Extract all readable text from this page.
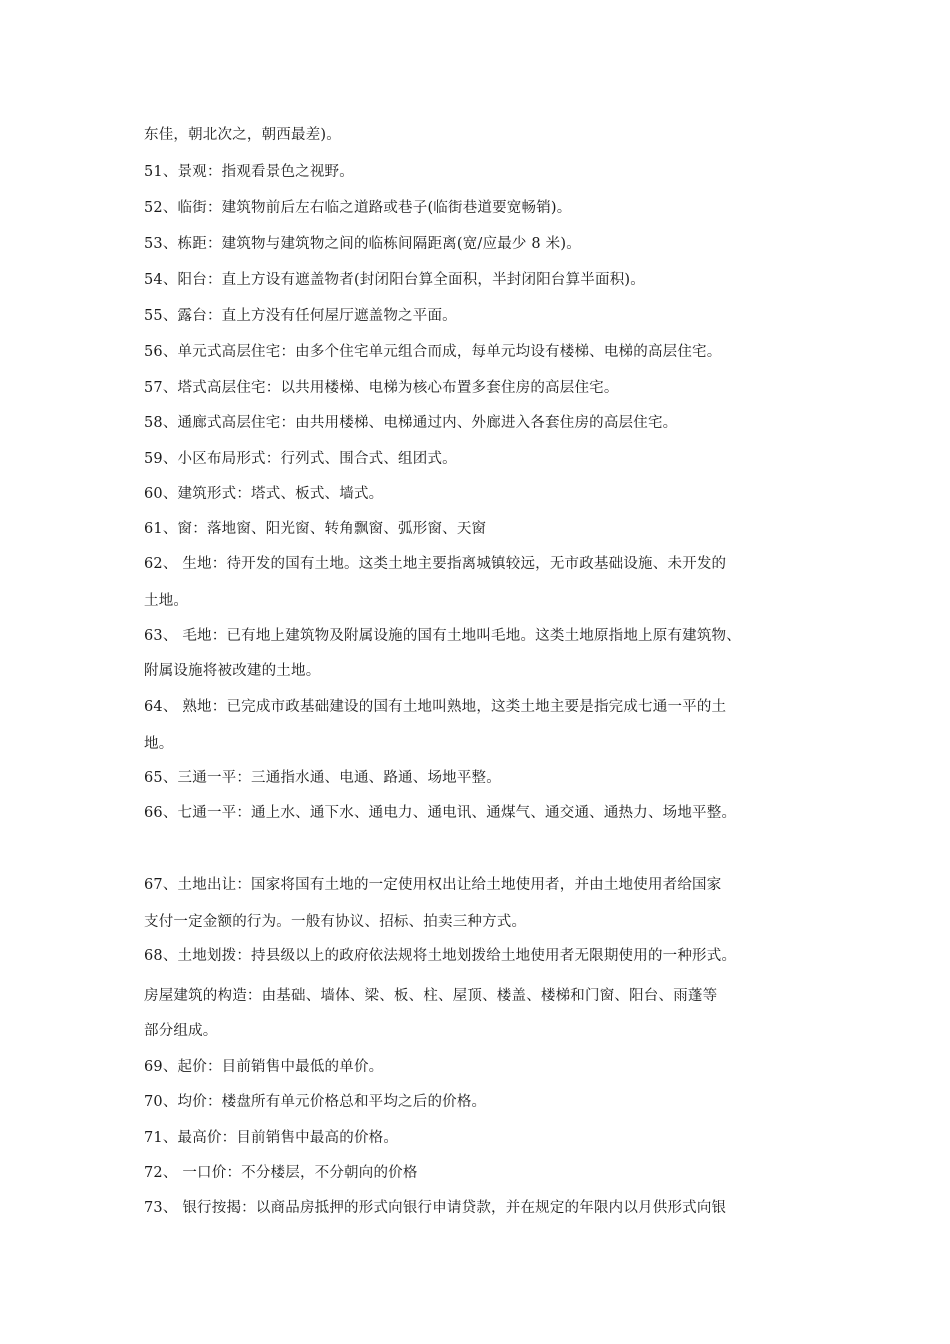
东佳，朝北次之，朝西最差)。
51、景观：指观看景色之视野。
52、临街：建筑物前后左右临之道路或巷子(临街巷道要宽畅销)。
53、栋距：建筑物与建筑物之间的临栋间隔距离(宽/应最少 8 米)。
54、阳台：直上方设有遮盖物者(封闭阳台算全面积，半封闭阳台算半面积)。
55、露台：直上方没有任何屋厅遮盖物之平面。
56、单元式高层住宅：由多个住宅单元组合而成，每单元均设有楼梯、电梯的高层住宅。
57、塔式高层住宅：以共用楼梯、电梯为核心布置多套住房的高层住宅。
58、通廊式高层住宅：由共用楼梯、电梯通过内、外廊进入各套住房的高层住宅。
59、小区布局形式：行列式、围合式、组团式。
60、建筑形式：塔式、板式、墙式。
61、窗：落地窗、阳光窗、转角飘窗、弧形窗、天窗
62、 生地：待开发的国有土地。这类土地主要指离城镇较远，无市政基础设施、未开发的
土地。
63、 毛地：已有地上建筑物及附属设施的国有土地叫毛地。这类土地原指地上原有建筑物、
附属设施将被改建的土地。
64、 熟地：已完成市政基础建设的国有土地叫熟地，这类土地主要是指完成七通一平的土
地。
65、三通一平：三通指水通、电通、路通、场地平整。
66、七通一平：通上水、通下水、通电力、通电讯、通煤气、通交通、通热力、场地平整。
67、土地出让：国家将国有土地的一定使用权出让给土地使用者，并由土地使用者给国家
支付一定金额的行为。一般有协议、招标、拍卖三种方式。
68、土地划拨：持县级以上的政府依法规将土地划拨给土地使用者无限期使用的一种形式。
房屋建筑的构造：由基础、墙体、梁、板、柱、屋顶、楼盖、楼梯和门窗、阳台、雨蓬等
部分组成。
69、起价：目前销售中最低的单价。
70、均价：楼盘所有单元价格总和平均之后的价格。
71、最高价：目前销售中最高的价格。
72、 一口价：不分楼层，不分朝向的价格
73、 银行按揭：以商品房抵押的形式向银行申请贷款，并在规定的年限内以月供形式向银
